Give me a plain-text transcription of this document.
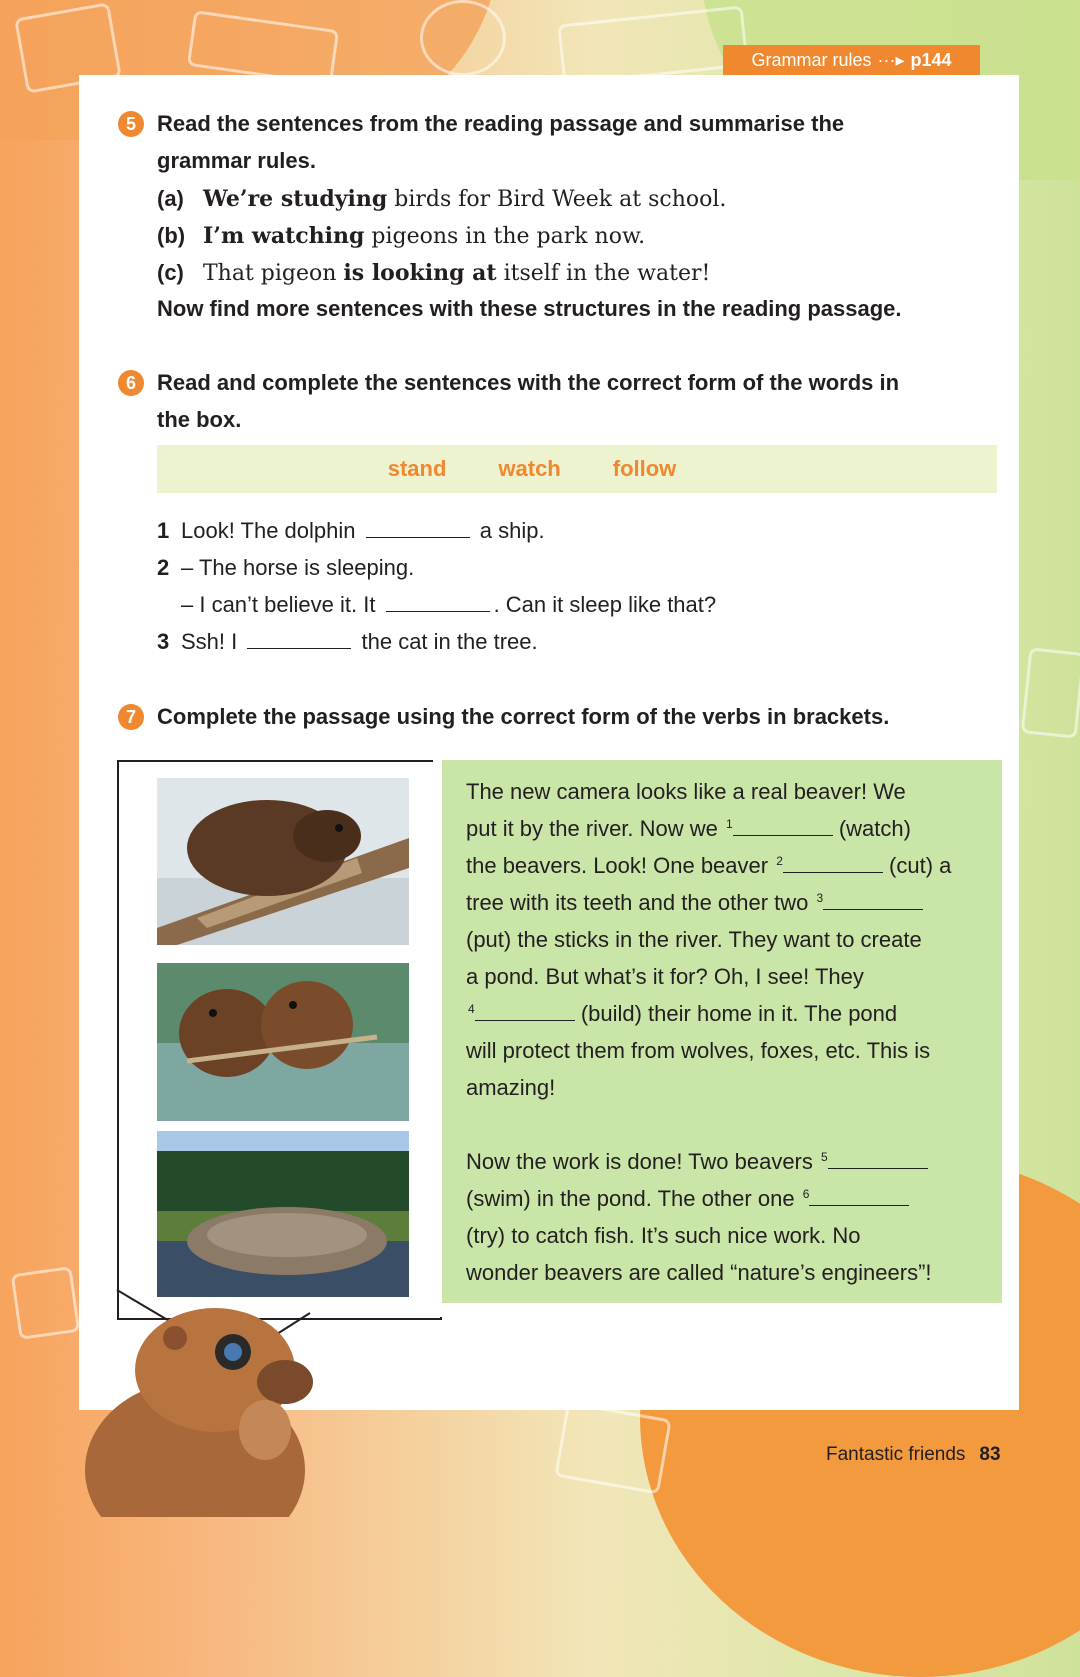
Grammar rules ···▸ p144
5 Read the sentences from the reading passage and summarise the
grammar rules.
(a) We’re studying birds for Bird Week at school.
(b) I’m watching pigeons in the park now.
(c) That pigeon is looking at itself in the water!
Now find more sentences with these structures in the reading passage.
6 Read and complete the sentences with the correct form of the words in
the box.
stand watch follow
1 Look! The dolphin	a ship.
2 – The horse is sleeping.
– I can’t believe it. It	. Can it sleep like that?
3 Ssh! I	the cat in the tree.
7 Complete the passage using the correct form of the verbs in brackets.

The new camera looks like a real beaver! We

put it by the river. Now we $^1$	(watch)

the beavers. Look! One beaver $^2$	(cut) a

tree with its teeth and the other two $^3$

(put) the sticks in the river. They want to create

a pond. But what’s it for? Oh, I see! They

$^4$	(build) their home in it. The pond

will protect them from wolves, foxes, etc. This is

amazing!

Now the work is done! Two beavers $^5$

(swim) in the pond. The other one $^6$

(try) to catch fish. It’s such nice work. No

wonder beavers are called “nature’s engineers”!

Fantastic friends 83
